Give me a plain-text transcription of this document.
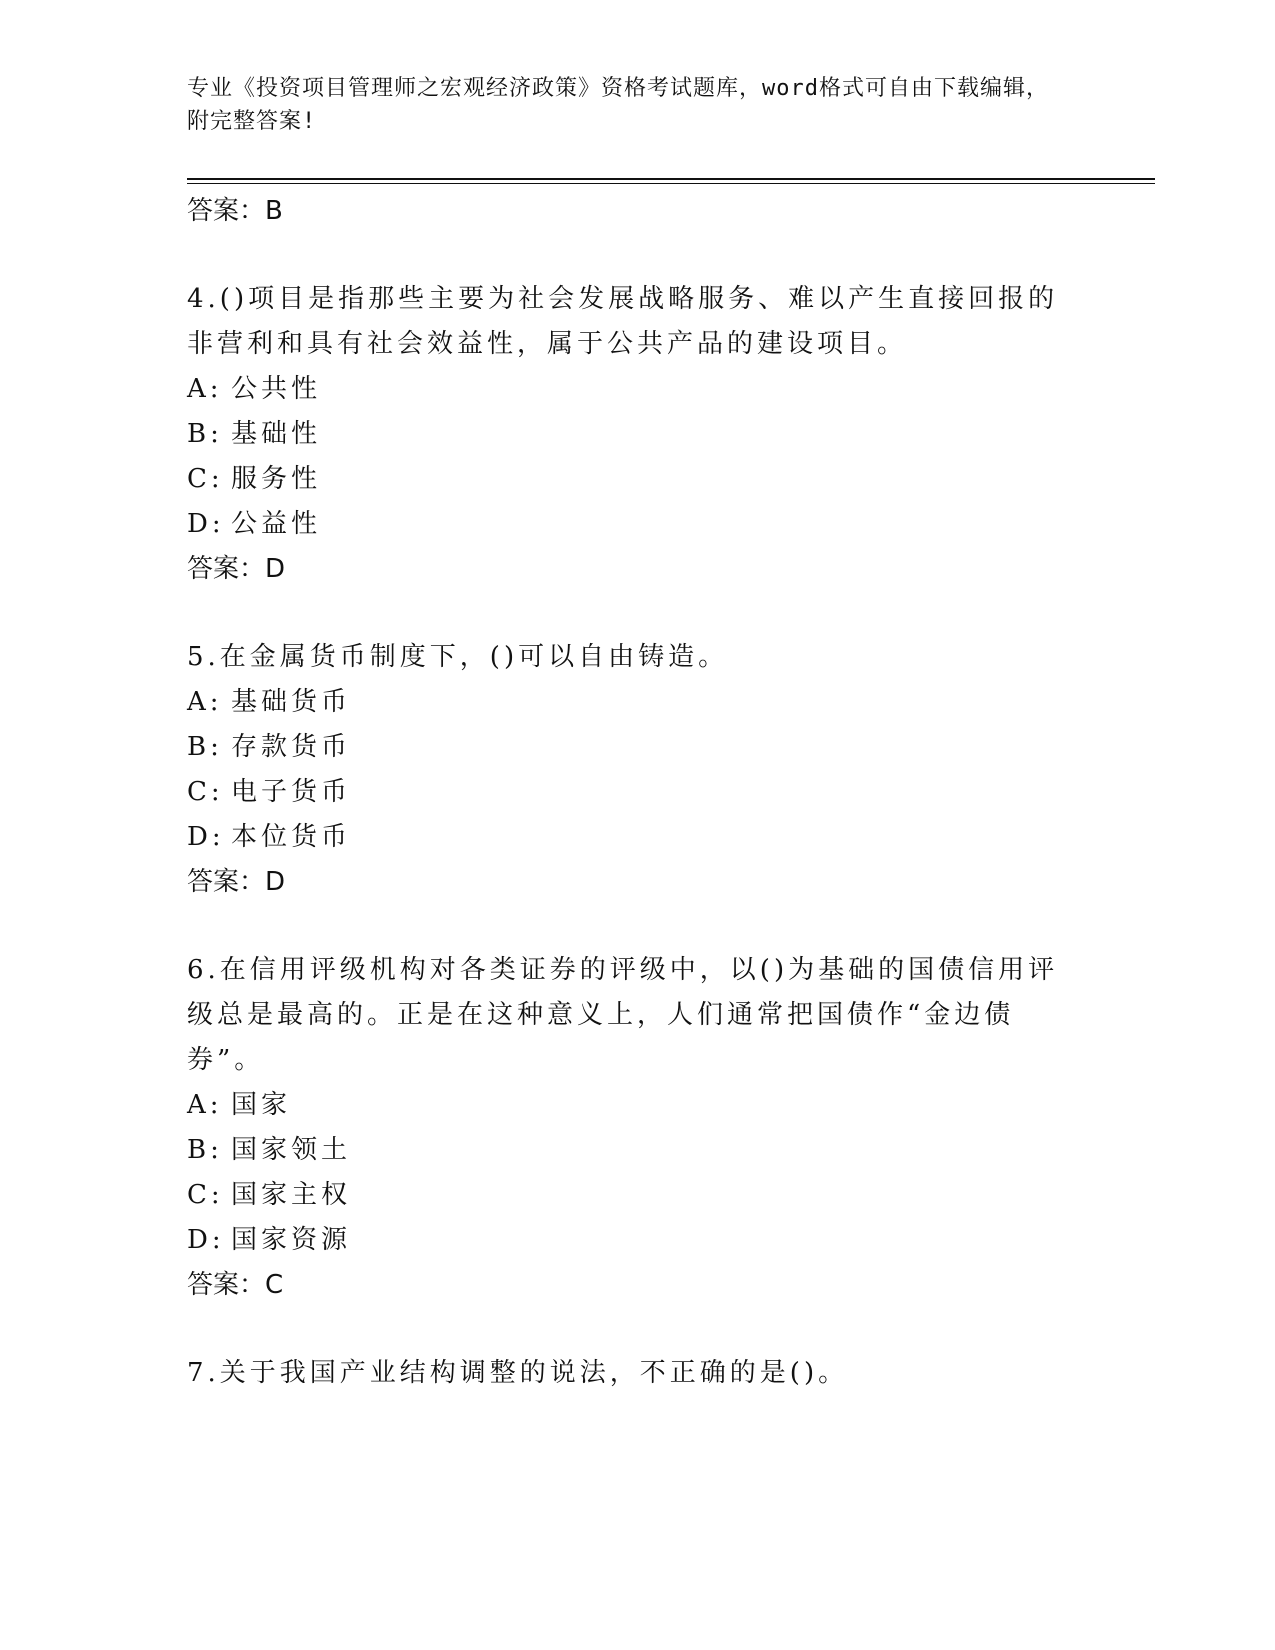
专业《投资项目管理师之宏观经济政策》资格考试题库，word格式可自由下载编辑，附完整答案!
答案：B
4.()项目是指那些主要为社会发展战略服务、难以产生直接回报的非营利和具有社会效益性，属于公共产品的建设项目。
A: 公共性
B: 基础性
C: 服务性
D: 公益性
答案：D
5.在金属货币制度下，()可以自由铸造。
A: 基础货币
B: 存款货币
C: 电子货币
D: 本位货币
答案：D
6.在信用评级机构对各类证券的评级中，以()为基础的国债信用评级总是最高的。正是在这种意义上，人们通常把国债作“金边债券”。
A: 国家
B: 国家领土
C: 国家主权
D: 国家资源
答案：C
7.关于我国产业结构调整的说法，不正确的是()。
